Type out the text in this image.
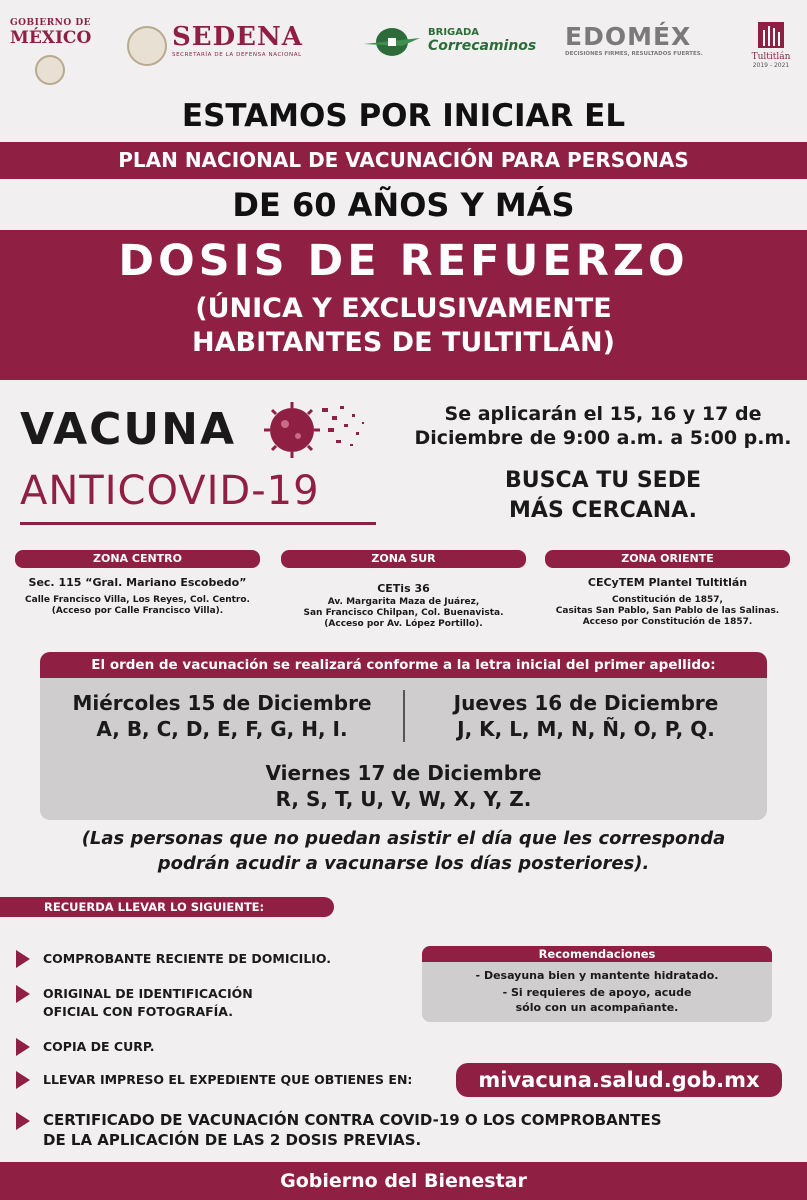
GOBIERNO DE
MÉXICO	SEDENA
SECRETARÍA DE LA DEFENSA NACIONAL
BRIGADA
Correcaminos EDOMÉX
DECISIONES FIRMES, RESULTADOS FUERTES.	Tultitlán
2019 - 2021
ESTAMOS POR INICIAR EL
PLAN NACIONAL DE VACUNACIÓN PARA PERSONAS
DE 60 AÑOS Y MÁS
DOSIS DE REFUERZO
(ÚNICA Y EXCLUSIVAMENTE
HABITANTES DE TULTITLÁN)
VACUNA
ANTICOVID-19
Se aplicarán el 15, 16 y 17 de
Diciembre de 9:00 a.m. a 5:00 p.m.
BUSCA TU SEDE
MÁS CERCANA.
ZONA CENTRO	ZONA SUR	ZONA ORIENTE
Sec. 115 “Gral. Mariano Escobedo”
Calle Francisco Villa, Los Reyes, Col. Centro.
(Acceso por Calle Francisco Villa).
CETis 36
Av. Margarita Maza de Juárez,
San Francisco Chilpan, Col. Buenavista.
(Acceso por Av. López Portillo).
CECyTEM Plantel Tultitlán
Constitución de 1857,
Casitas San Pablo, San Pablo de las Salinas.
Acceso por Constitución de 1857.
El orden de vacunación se realizará conforme a la letra inicial del primer apellido:
Miércoles 15 de Diciembre
A, B, C, D, E, F, G, H, I.
Jueves 16 de Diciembre
J, K, L, M, N, Ñ, O, P, Q.
Viernes 17 de Diciembre
R, S, T, U, V, W, X, Y, Z.
(Las personas que no puedan asistir el día que les corresponda
podrán acudir a vacunarse los días posteriores).
RECUERDA LLEVAR LO SIGUIENTE:
COMPROBANTE RECIENTE DE DOMICILIO.
ORIGINAL DE IDENTIFICACIÓN
OFICIAL CON FOTOGRAFÍA.
COPIA DE CURP.
LLEVAR IMPRESO EL EXPEDIENTE QUE OBTIENES EN:	mivacuna.salud.gob.mx
CERTIFICADO DE VACUNACIÓN CONTRA COVID-19 O LOS COMPROBANTES
DE LA APLICACIÓN DE LAS 2 DOSIS PREVIAS.
Recomendaciones
- Desayuna bien y mantente hidratado.
- Si requieres de apoyo, acude
sólo con un acompañante.
Gobierno del Bienestar
